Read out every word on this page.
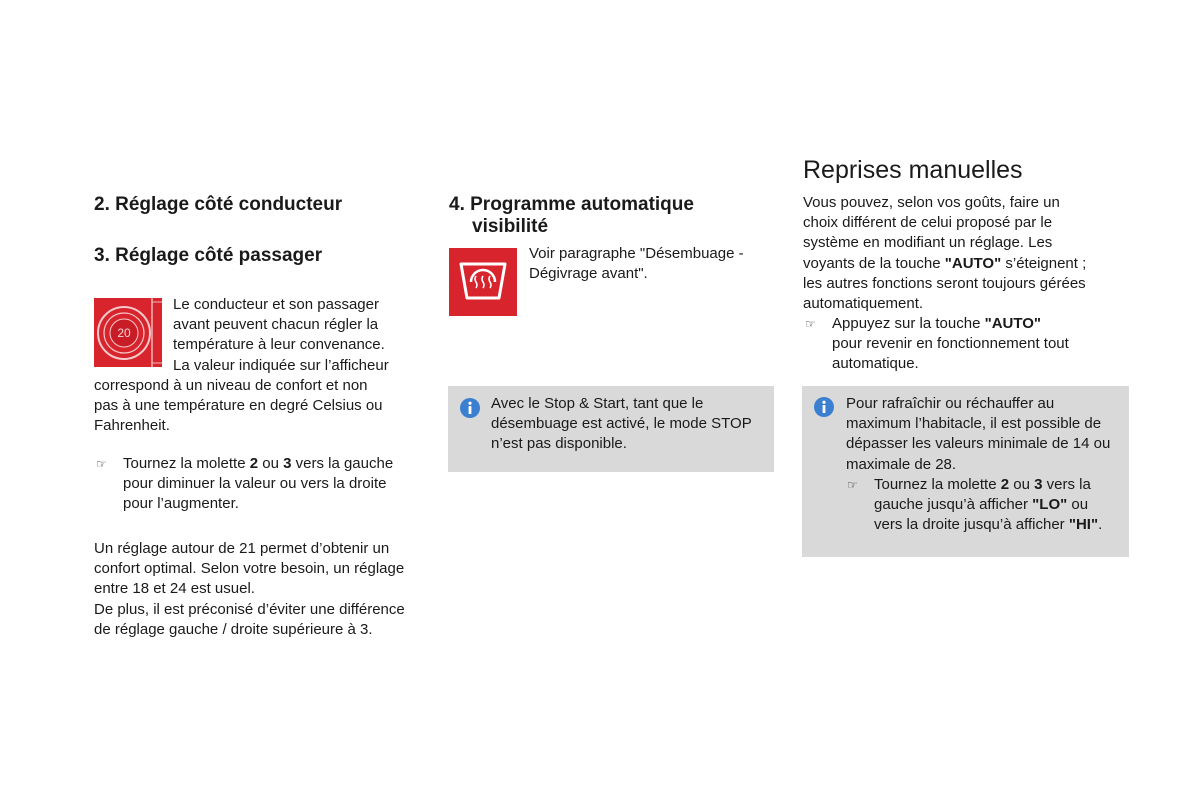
2. Réglage côté conducteur
3. Réglage côté passager
20
Le conducteur et son passager
avant peuvent chacun régler la
température à leur convenance.
La valeur indiquée sur l’afficheur
correspond à un niveau de confort et non
pas à une température en degré Celsius ou
Fahrenheit.
☞ Tournez la molette 2 ou 3 vers la gauche
pour diminuer la valeur ou vers la droite
pour l’augmenter.
Un réglage autour de 21 permet d’obtenir un
confort optimal. Selon votre besoin, un réglage
entre 18 et 24 est usuel.
De plus, il est préconisé d’éviter une différence
de réglage gauche / droite supérieure à 3.
4. Programme automatique
visibilité
Voir paragraphe "Désembuage -
Dégivrage avant".
Avec le Stop & Start, tant que le
désembuage est activé, le mode STOP
n’est pas disponible.
Reprises manuelles
Vous pouvez, selon vos goûts, faire un
choix différent de celui proposé par le
système en modifiant un réglage. Les
voyants de la touche "AUTO" s’éteignent ;
les autres fonctions seront toujours gérées
automatiquement.
☞ Appuyez sur la touche "AUTO"
pour revenir en fonctionnement tout
automatique.
Pour rafraîchir ou réchauffer au
maximum l’habitacle, il est possible de
dépasser les valeurs minimale de 14 ou
maximale de 28.
☞ Tournez la molette 2 ou 3 vers la
gauche jusqu’à afficher "LO" ou
vers la droite jusqu’à afficher "HI".
